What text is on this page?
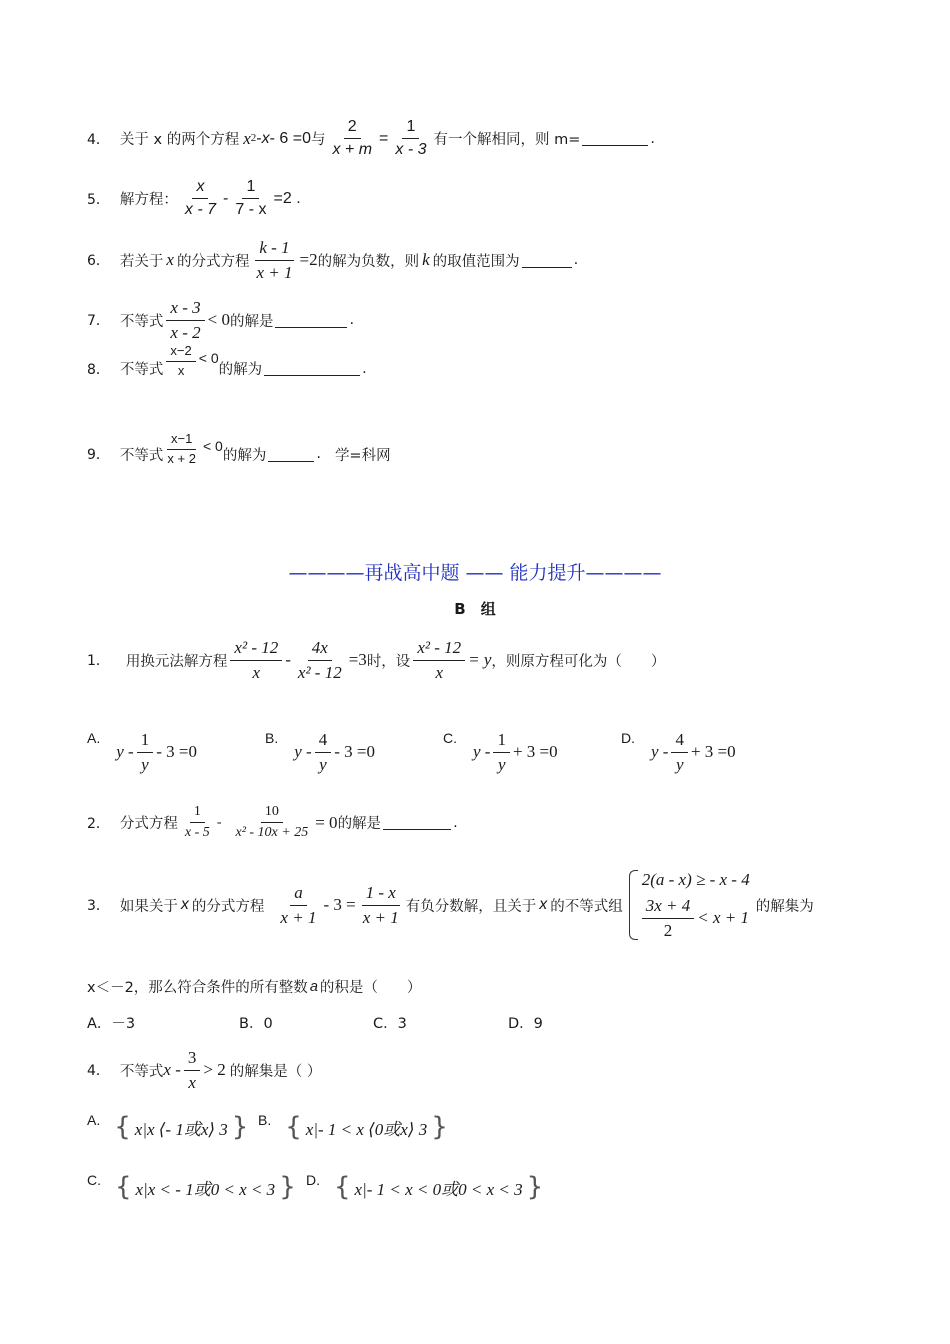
4． 关于 x 的两个方程 x 2 - x - 6 =0 与 $\frac{2}{x + m} = \frac{1}{x - 3}$ 有一个解相同，则 m=	.
5． 解方程： $\frac{x}{x - 7} - \frac{1}{7 - x} =2$ .
6． 若关于 x 的分式方程 $\frac{k - 1}{x + 1} =2$ 的解为负数，则 k 的取值范围为	.
7． 不等式 $\frac{x - 3}{x - 2} < 0$ 的解是	.
8． 不等式 $\frac{x-2}{x} < 0$
的解为	.
9． 不等式 $\frac{x-1}{x + 2} < 0$
的解为	. 学=科网
————再战高中题 —— 能力提升————
B　组
1． 用换元法解方程 $\frac{\text{x² - 12}}{x} - \frac{4x}{\text{x² - 12}} =3$ 时，设 $\frac{\text{x² - 12}}{x} = y$ ，则原方程可化为（　　）
A.
$y - \frac{1}{y} - 3 =0$
B.
$y - \frac{4}{y} - 3 =0$
C.
$y - \frac{1}{y} + 3 =0$
D.
$y - \frac{4}{y} + 3 =0$
2． 分式方程 $\frac{1}{x - 5} - \frac{10}{\text{x² - 10x + 25}} = 0$ 的解是	.
3． 如果关于 x 的分式方程 $\frac{a}{x + 1} - 3 = \frac{1 - x}{x + 1}$ 有负分数解，且关于 x 的不等式组
2(a - x) ≥ - x - 4
$\frac{3x + 4}{2} < x + 1$
的解集为
x＜－2，那么符合条件的所有整数 a 的积是（　　）
A．－3	B．0	C．3	D．9
4． 不等式 $x - \frac{3}{x} > 2$ 的解集是（ ）
A. { x|x ⟨- 1或x⟩ 3 } B. { x|- 1 < x ⟨0或x⟩ 3 }
C. { x|x < - 1或0 < x < 3 } D. { x|- 1 < x < 0或0 < x < 3 }
